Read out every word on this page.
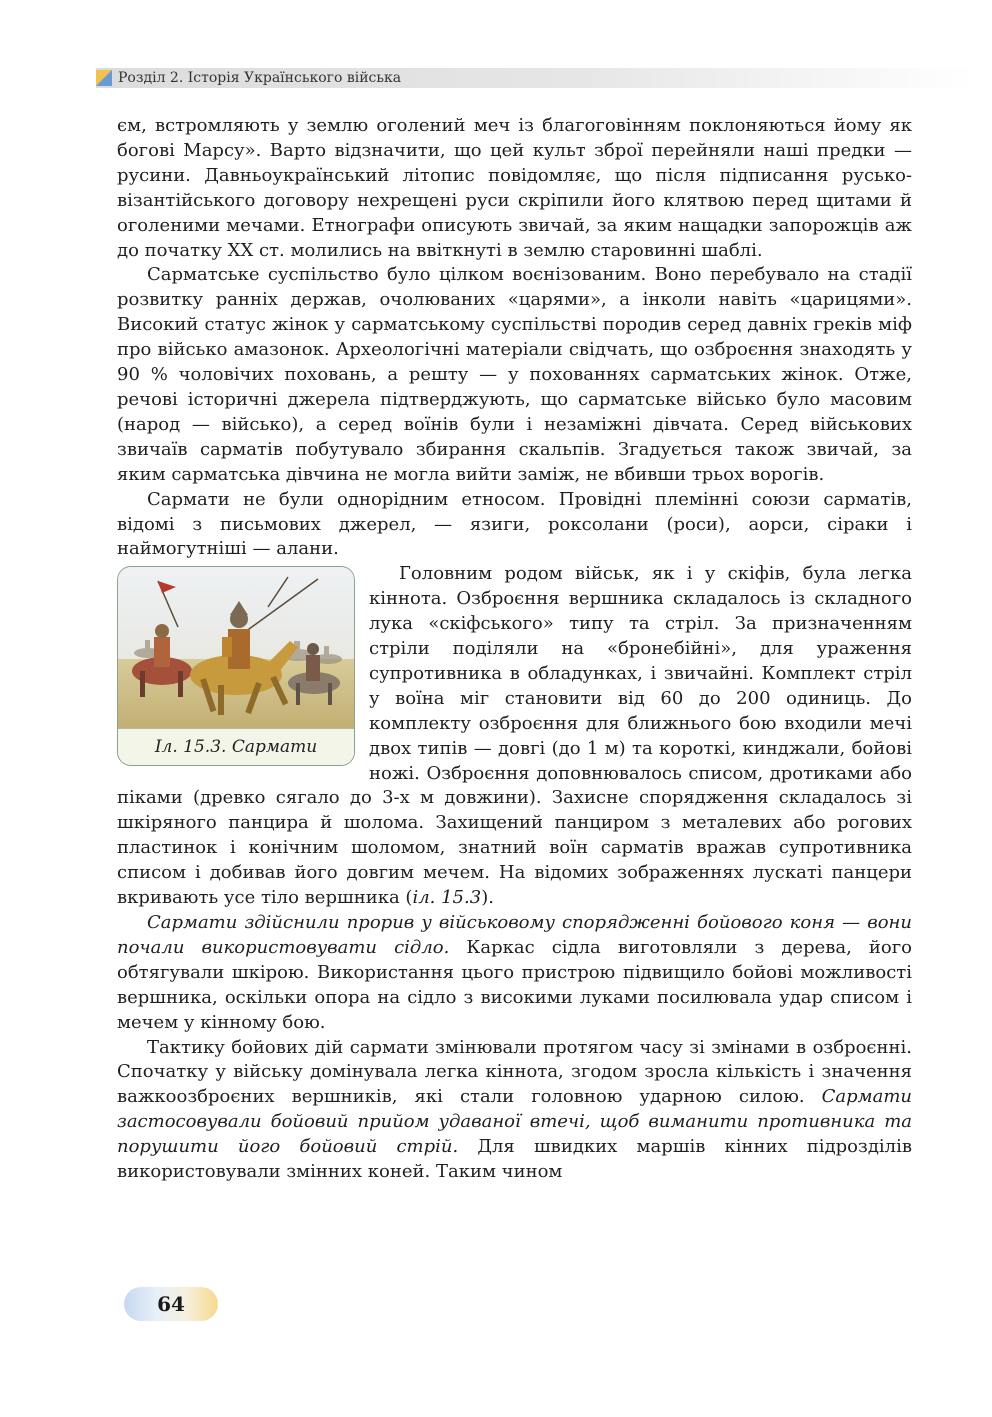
Розділ 2. Історія Українського війська

єм, встромляють у землю оголений меч із благоговінням поклоняються йому як богові Марсу». Варто відзначити, що цей культ зброї перейняли наші предки — русини. Давньоукраїнський літопис повідомляє, що після підписання русько-візантійського договору нехрещені руси скріпили його клятвою перед щитами й оголеними мечами. Етнографи описують звичай, за яким нащадки запорожців аж до початку XX ст. молились на ввіткнуті в землю старовинні шаблі.

Сарматське суспільство було цілком воєнізованим. Воно перебувало на стадії розвитку ранніх держав, очолюваних «царями», а інколи навіть «царицями». Високий статус жінок у сарматському суспільстві породив серед давніх греків міф про військо амазонок. Археологічні матеріали свідчать, що озброєння знаходять у 90 % чоловічих поховань, а решту — у похованнях сарматських жінок. Отже, речові історичні джерела підтверджують, що сарматське військо було масовим (народ — військо), а серед воїнів були і незаміжні дівчата. Серед військових звичаїв сарматів побутувало збирання скальпів. Згадується також звичай, за яким сарматська дівчина не могла вийти заміж, не вбивши трьох ворогів.

Сармати не були однорідним етносом. Провідні племінні союзи сарматів, відомі з письмових джерел, — язиги, роксолани (роси), аорси, сіраки і наймогутніші — алани.

Іл. 15.3. Сармати

Головним родом військ, як і у скіфів, була легка кіннота. Озброєння вершника складалось із складного лука «скіфського» типу та стріл. За призначенням стріли поділяли на «бронебійні», для ураження супротивника в обладунках, і звичайні. Комплект стріл у воїна міг становити від 60 до 200 одиниць. До комплекту озброєння для ближнього бою входили мечі двох типів — довгі (до 1 м) та короткі, кинджали, бойові ножі. Озброєння доповнювалось списом, дротиками або піками (древко сягало до 3-х м довжини). Захисне спорядження складалось зі шкіряного панцира й шолома. Захищений панциром з металевих або рогових пластинок і конічним шоломом, знатний воїн сарматів вражав супротивника списом і добивав його довгим мечем. На відомих зображеннях лускаті панцери вкривають усе тіло вершника (іл. 15.3).

Сармати здійснили прорив у військовому спорядженні бойового коня — вони почали використовувати сідло. Каркас сідла виготовляли з дерева, його обтягували шкірою. Використання цього пристрою підвищило бойові можливості вершника, оскільки опора на сідло з високими луками посилювала удар списом і мечем у кінному бою.

Тактику бойових дій сармати змінювали протягом часу зі змінами в озброєнні. Спочатку у війську домінувала легка кіннота, згодом зросла кількість і значення важкоозброєних вершників, які стали головною ударною силою. Сармати застосовували бойовий прийом удаваної втечі, щоб виманити противника та порушити його бойовий стрій. Для швидких маршів кінних підрозділів використовували змінних коней. Таким чином

64
